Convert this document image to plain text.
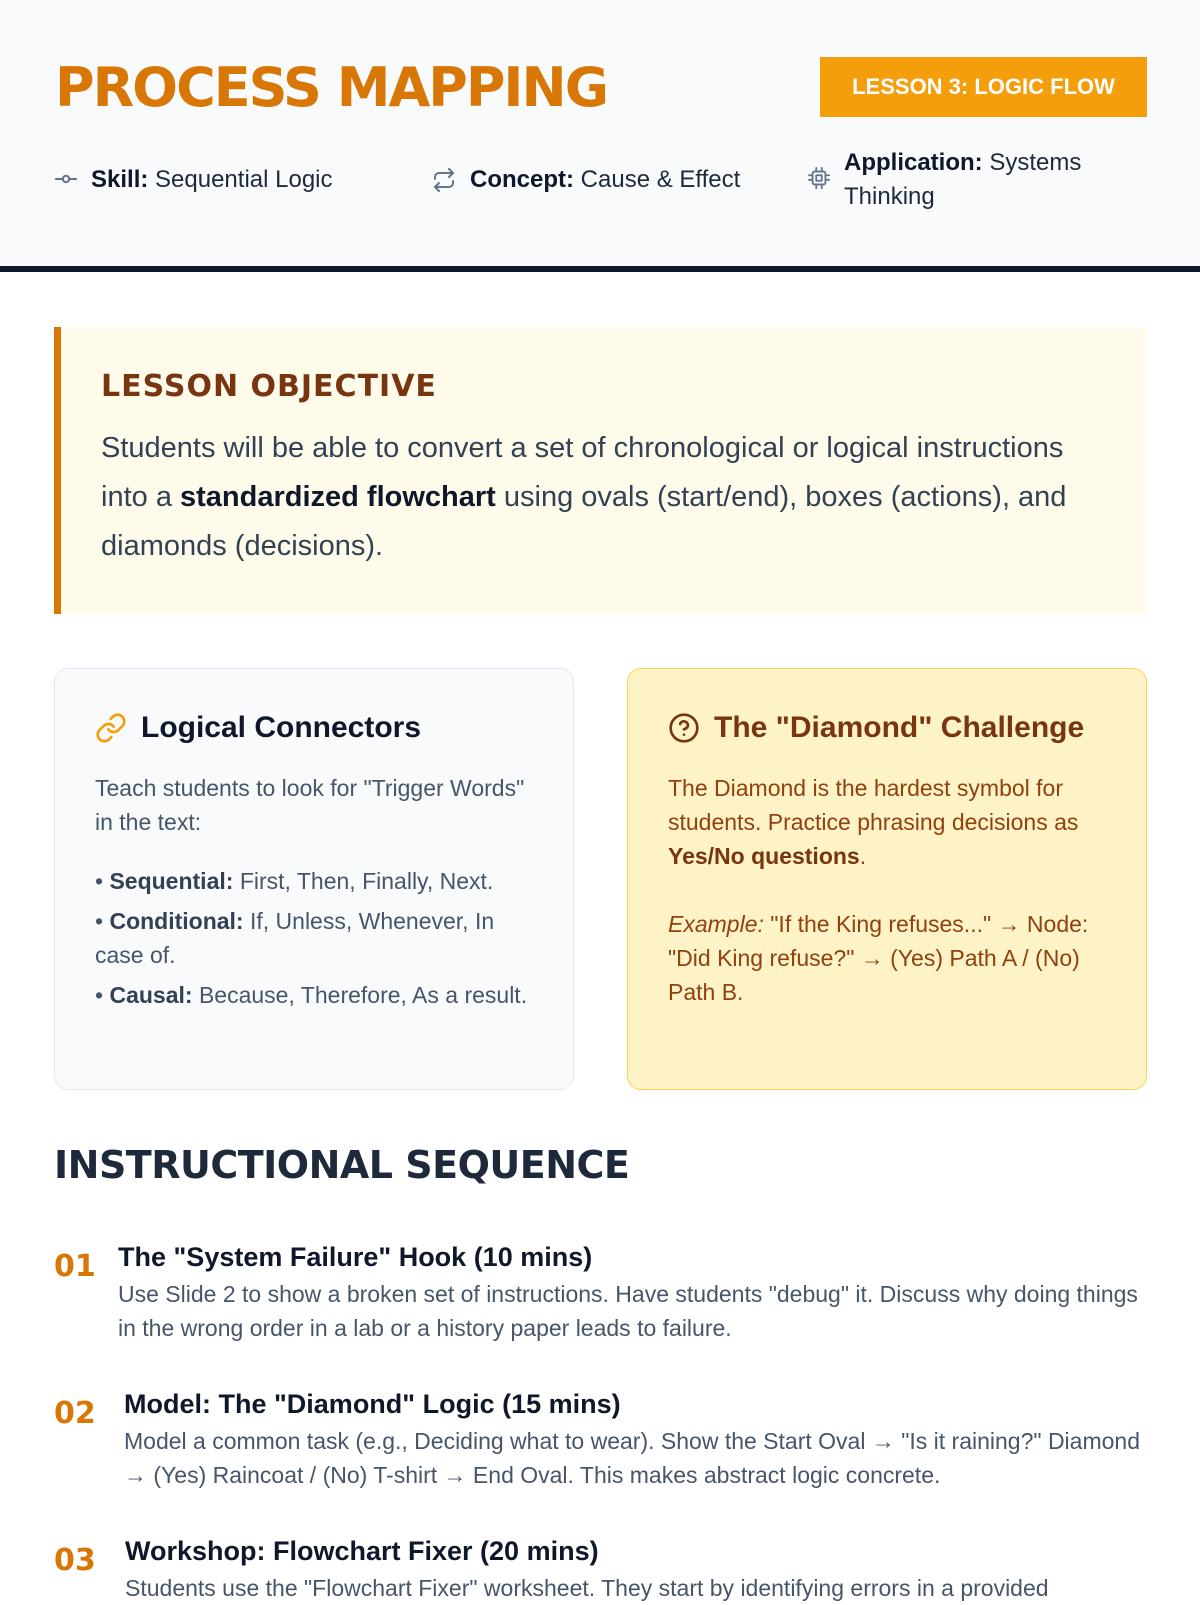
PROCESS MAPPING	LESSON 3: LOGIC FLOW
Skill: Sequential Logic	Concept: Cause & Effect
Application: Systems Thinking
LESSON OBJECTIVE

Students will be able to convert a set of chronological or logical instructions into a standardized flowchart using ovals (start/end), boxes (actions), and diamonds (decisions).

Logical Connectors
Teach students to look for "Trigger Words" in the text:
• Sequential: First, Then, Finally, Next.
• Conditional: If, Unless, Whenever, In case of.
• Causal: Because, Therefore, As a result.
The "Diamond" Challenge
The Diamond is the hardest symbol for students. Practice phrasing decisions as Yes/No questions.
Example: "If the King refuses..." → Node: "Did King refuse?" → (Yes) Path A / (No) Path B.
INSTRUCTIONAL SEQUENCE
01 The "System Failure" Hook (10 mins)

Use Slide 2 to show a broken set of instructions. Have students "debug" it. Discuss why doing things in the wrong order in a lab or a history paper leads to failure.

02	Model: The "Diamond" Logic (15 mins)

Model a common task (e.g., Deciding what to wear). Show the Start Oval → "Is it raining?" Diamond → (Yes) Raincoat / (No) T-shirt → End Oval. This makes abstract logic concrete.

03	Workshop: Flowchart Fixer (20 mins)

Students use the "Flowchart Fixer" worksheet. They start by identifying errors in a provided
